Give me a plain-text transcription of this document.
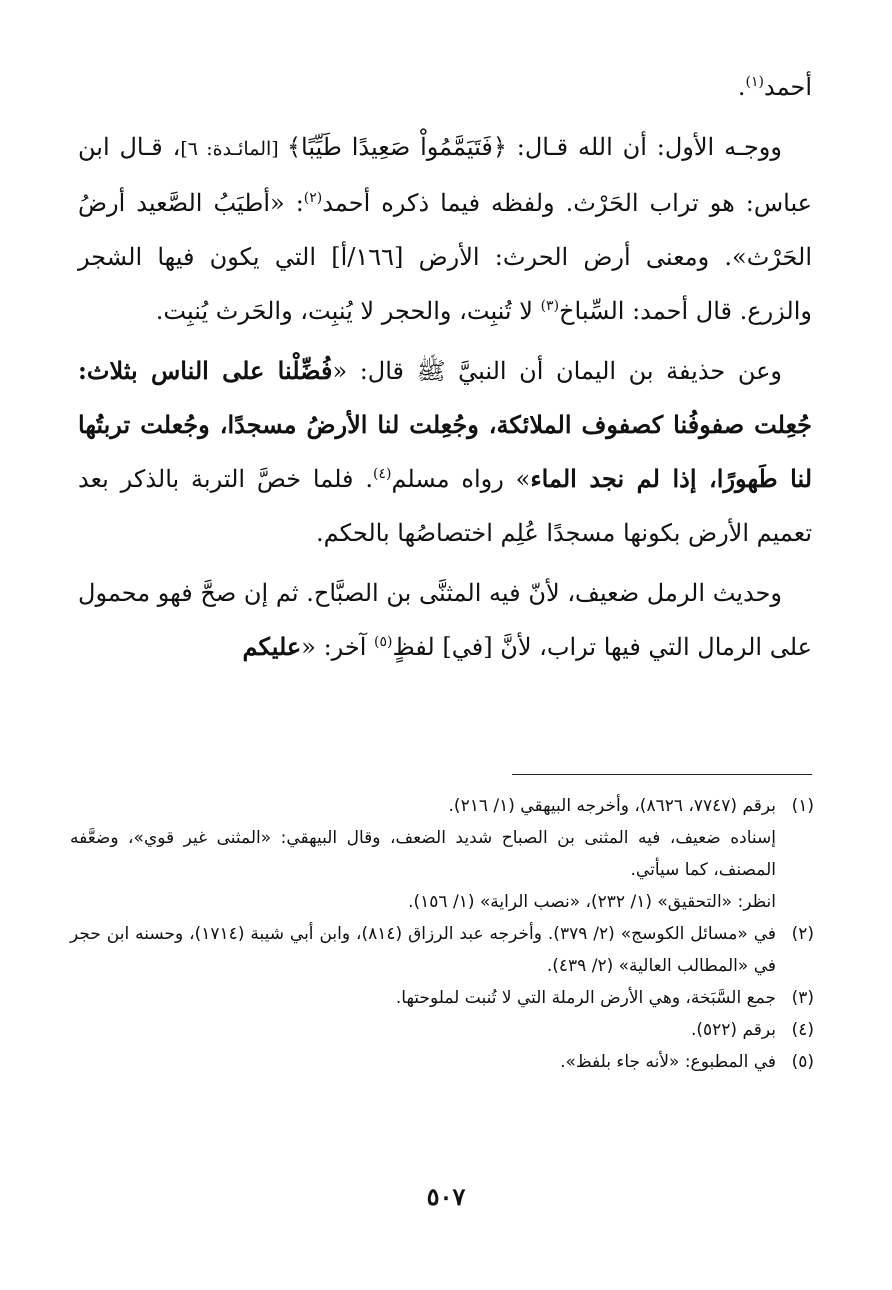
أحمد$^{(١)}$.

ووجـه الأول: أن الله قـال: ﴿فَتَيَمَّمُواْ صَعِيدًا طَيِّبًا﴾ [المائـدة: ٦]، قـال ابن عباس: هو تراب الحَرْث. ولفظه فيما ذكره أحمد$^{(٢)}$: «أطيَبُ الصَّعيد أرضُ الحَرْث». ومعنى أرض الحرث: الأرض [١٦٦/أ] التي يكون فيها الشجر والزرع. قال أحمد: السِّباخ$^{(٣)}$ لا تُنبِت، والحجر لا يُنبِت، والحَرث يُنبِت.

وعن حذيفة بن اليمان أن النبيَّ ﷺ قال: «فُضِّلْنا على الناس بثلاث: جُعِلت صفوفُنا كصفوف الملائكة، وجُعِلت لنا الأرضُ مسجدًا، وجُعلت تربتُها لنا طَهورًا، إذا لم نجد الماء» رواه مسلم$^{(٤)}$. فلما خصَّ التربة بالذكر بعد تعميم الأرض بكونها مسجدًا عُلِم اختصاصُها بالحكم.

وحديث الرمل ضعيف، لأنّ فيه المثنَّى بن الصبَّاح. ثم إن صحَّ فهو محمول على الرمال التي فيها تراب، لأنَّ [في] لفظٍ$^{(٥)}$ آخر: «عليكم

(١)
برقم (٧٧٤٧، ٨٦٢٦)، وأخرجه البيهقي (١/ ٢١٦).
إسناده ضعيف، فيه المثنى بن الصباح شديد الضعف، وقال البيهقي: «المثنى غير قوي»، وضعَّفه المصنف، كما سيأتي.
انظر: «التحقيق» (١/ ٢٣٢)، «نصب الراية» (١/ ١٥٦).
(٢)
في «مسائل الكوسج» (٢/ ٣٧٩). وأخرجه عبد الرزاق (٨١٤)، وابن أبي شيبة (١٧١٤)، وحسنه ابن حجر في «المطالب العالية» (٢/ ٤٣٩).
(٣)
جمع السَّبَخة، وهي الأرض الرملة التي لا تُنبت لملوحتها.
(٤)
برقم (٥٢٢).
(٥)
في المطبوع: «لأنه جاء بلفظ».
٥٠٧
